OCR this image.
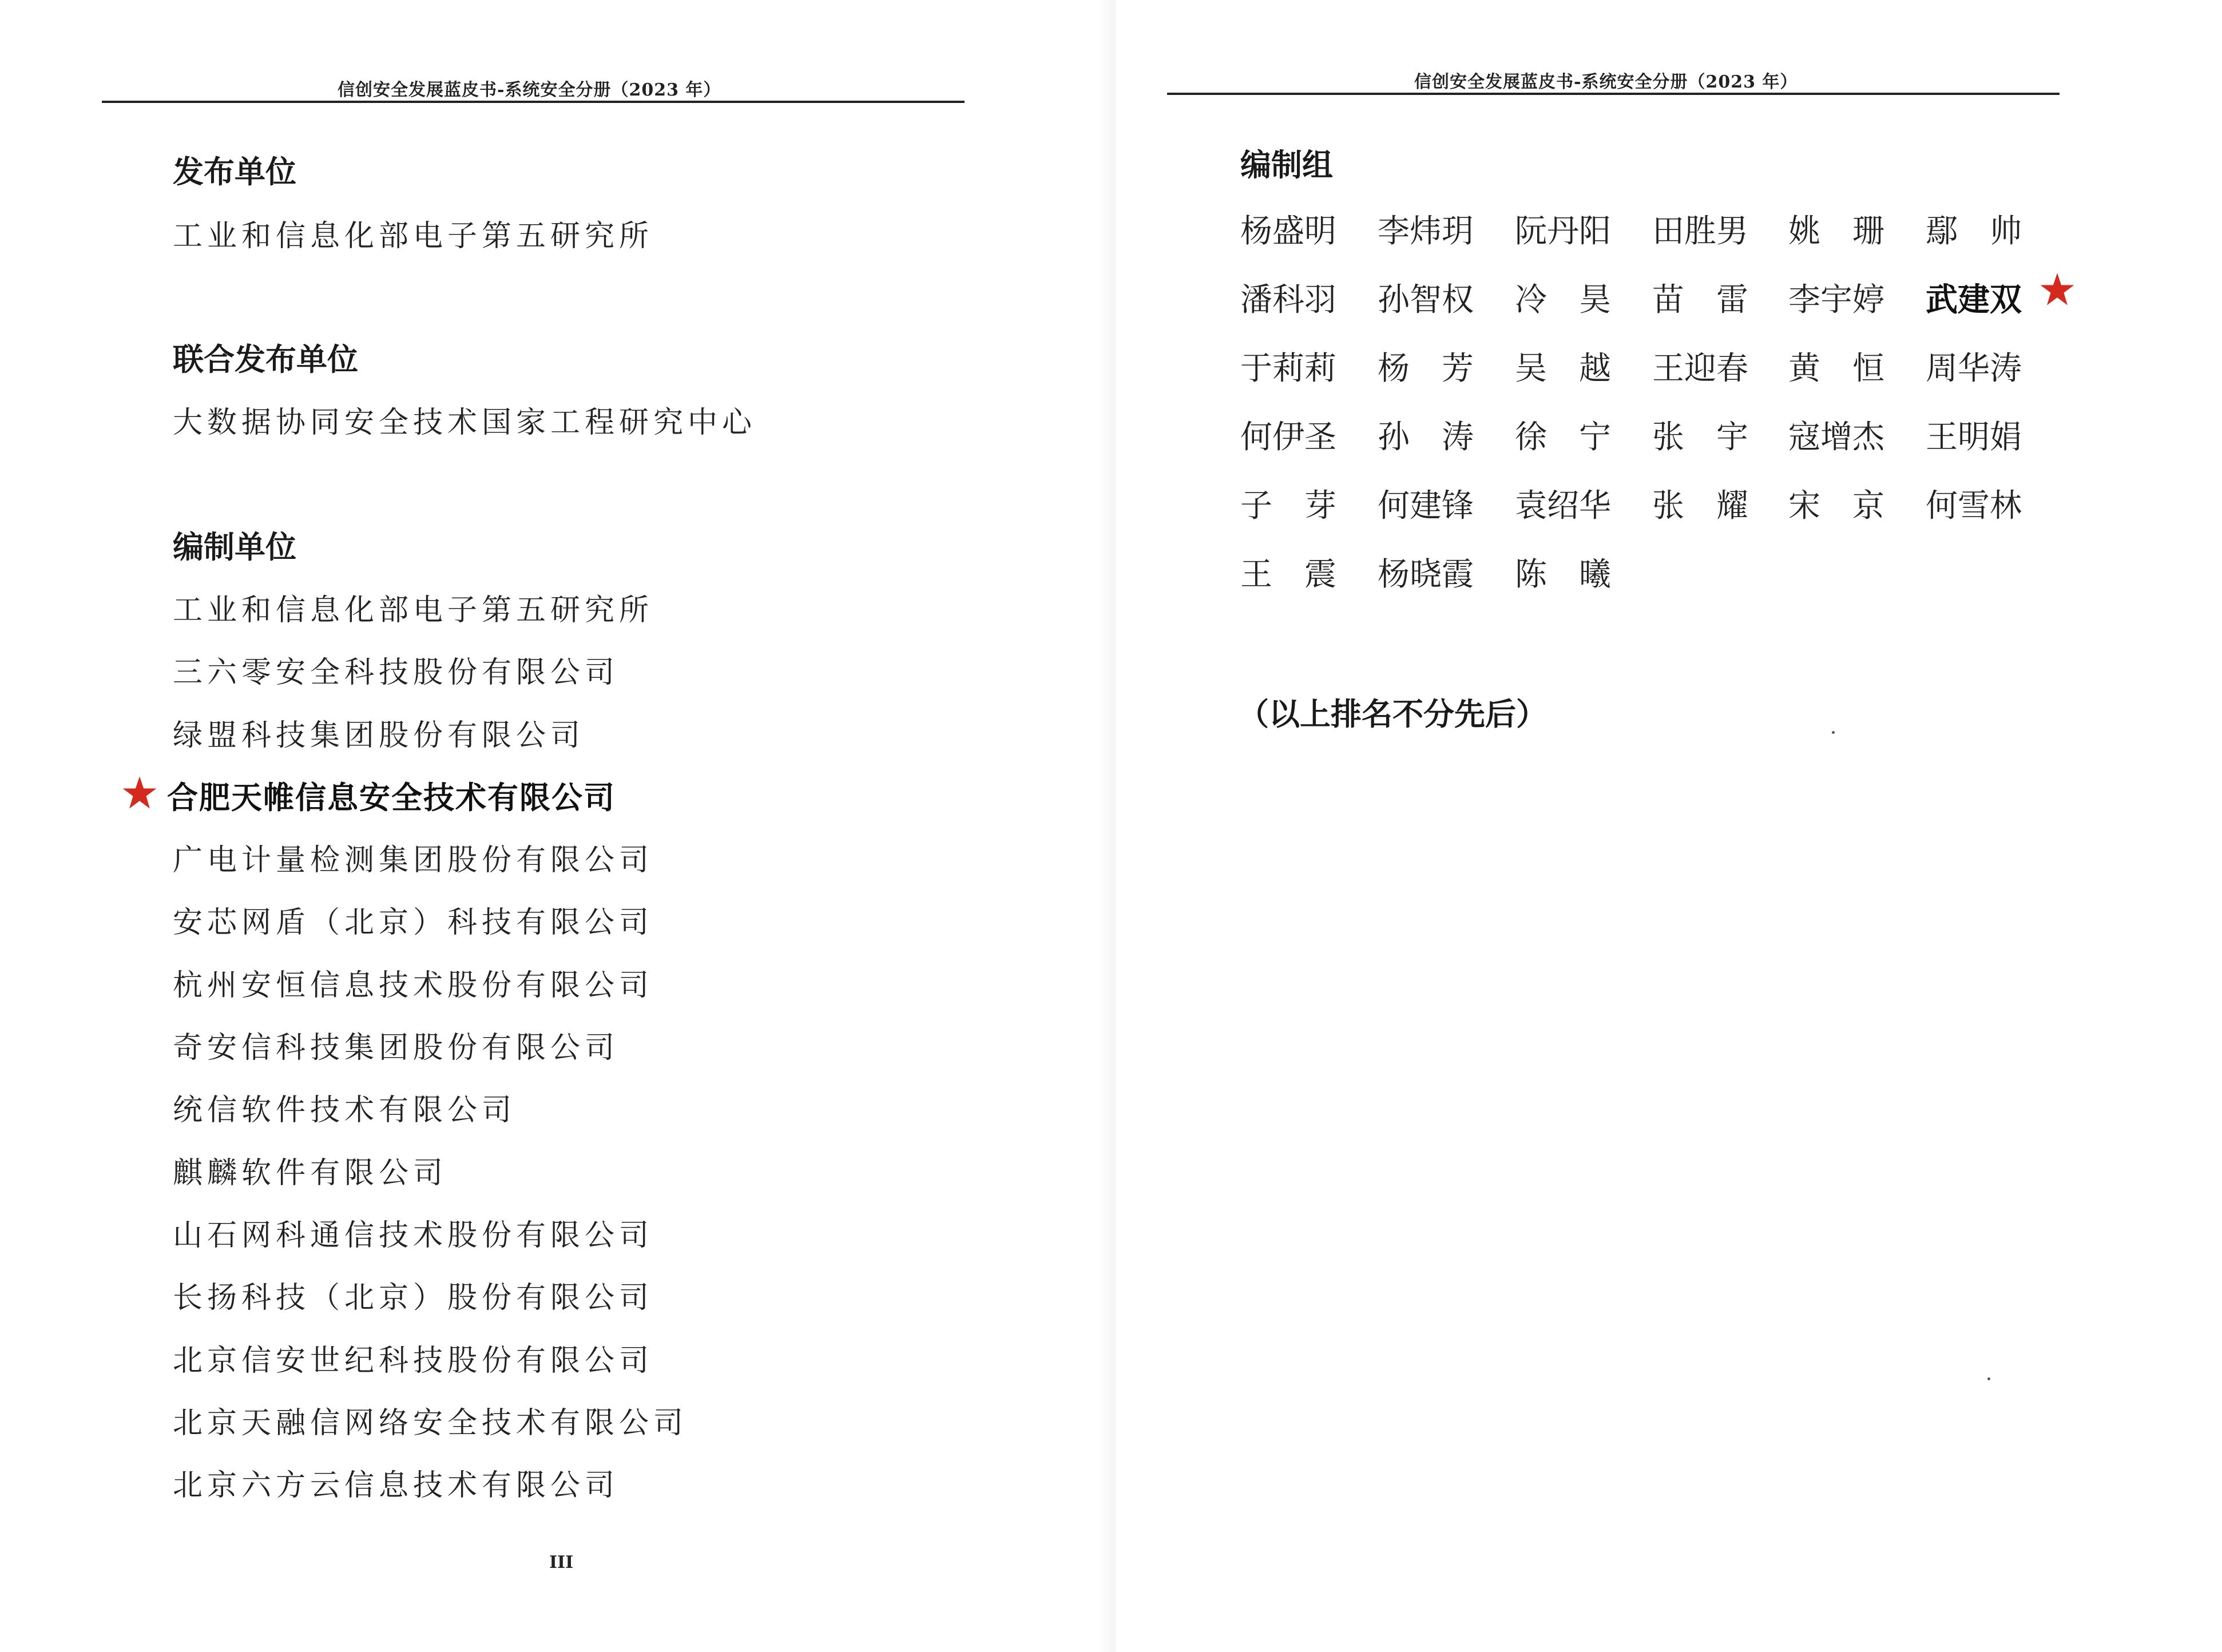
信创安全发展蓝皮书-系统安全分册（2023 年）
发布单位
工业和信息化部电子第五研究所
联合发布单位
大数据协同安全技术国家工程研究中心
编制单位
工业和信息化部电子第五研究所
三六零安全科技股份有限公司
绿盟科技集团股份有限公司
合肥天帷信息安全技术有限公司
广电计量检测集团股份有限公司
安芯网盾（北京）科技有限公司
杭州安恒信息技术股份有限公司
奇安信科技集团股份有限公司
统信软件技术有限公司
麒麟软件有限公司
山石网科通信技术股份有限公司
长扬科技（北京）股份有限公司
北京信安世纪科技股份有限公司
北京天融信网络安全技术有限公司
北京六方云信息技术有限公司
III
信创安全发展蓝皮书-系统安全分册（2023 年）
编制组
（以上排名不分先后）
杨盛明 李炜玥 阮丹阳 田胜男 姚　珊 鄢　帅
潘科羽 孙智权 冷　昊 苗　雷 李宇婷 武建双
于莉莉 杨　芳 吴　越 王迎春 黄　恒 周华涛
何伊圣 孙　涛 徐　宁 张　宇 寇增杰 王明娟
子　芽 何建锋 袁绍华 张　耀 宋　京 何雪林
王　震 杨晓霞 陈　曦
